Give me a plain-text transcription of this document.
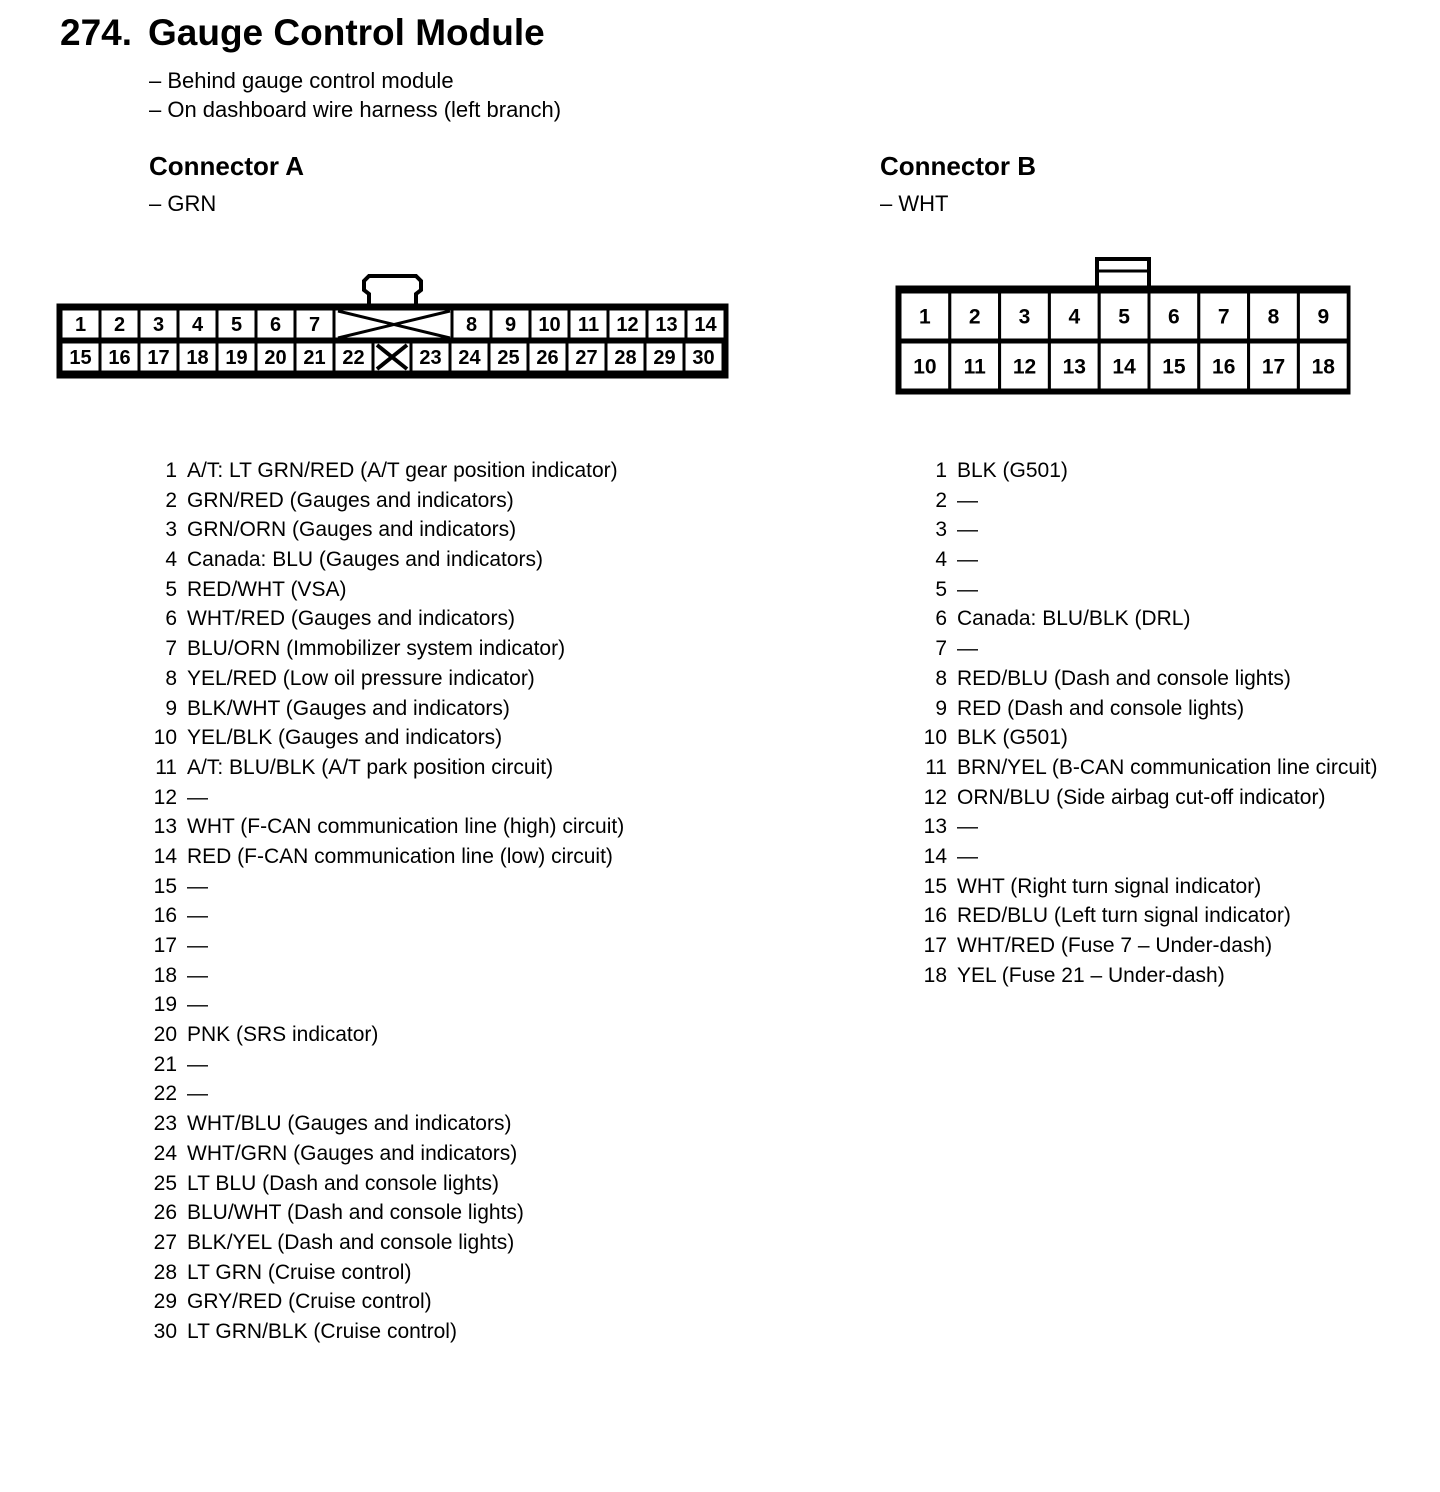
274. Gauge Control Module
– Behind gauge control module
– On dashboard wire harness (left branch)
Connector A
– GRN
Connector B
– WHT
1 2 3 4 5 6 7	8 9 10 11 12 13 14
15 16 17 18 19 20 21 22	23 24 25 26 27 28 29 30
1
10
2
11
3
12
4
13
5
14
6
15
7
16
8
17
9
18
1 A/T: LT GRN/RED (A/T gear position indicator)
2 GRN/RED (Gauges and indicators)
3 GRN/ORN (Gauges and indicators)
4 Canada: BLU (Gauges and indicators)
5 RED/WHT (VSA)
6 WHT/RED (Gauges and indicators)
7 BLU/ORN (Immobilizer system indicator)
8 YEL/RED (Low oil pressure indicator)
9 BLK/WHT (Gauges and indicators)
10 YEL/BLK (Gauges and indicators)
11 A/T: BLU/BLK (A/T park position circuit)
12 —
13 WHT (F-CAN communication line (high) circuit)
14 RED (F-CAN communication line (low) circuit)
15 —
16 —
17 —
18 —
19 —
20 PNK (SRS indicator)
21 —
22 —
23 WHT/BLU (Gauges and indicators)
24 WHT/GRN (Gauges and indicators)
25 LT BLU (Dash and console lights)
26 BLU/WHT (Dash and console lights)
27 BLK/YEL (Dash and console lights)
28 LT GRN (Cruise control)
29 GRY/RED (Cruise control)
30 LT GRN/BLK (Cruise control)
1 BLK (G501)
2 —
3 —
4 —
5 —
6 Canada: BLU/BLK (DRL)
7 —
8 RED/BLU (Dash and console lights)
9 RED (Dash and console lights)
10 BLK (G501)
11 BRN/YEL (B-CAN communication line circuit)
12 ORN/BLU (Side airbag cut-off indicator)
13 —
14 —
15 WHT (Right turn signal indicator)
16 RED/BLU (Left turn signal indicator)
17 WHT/RED (Fuse 7 – Under-dash)
18 YEL (Fuse 21 – Under-dash)
